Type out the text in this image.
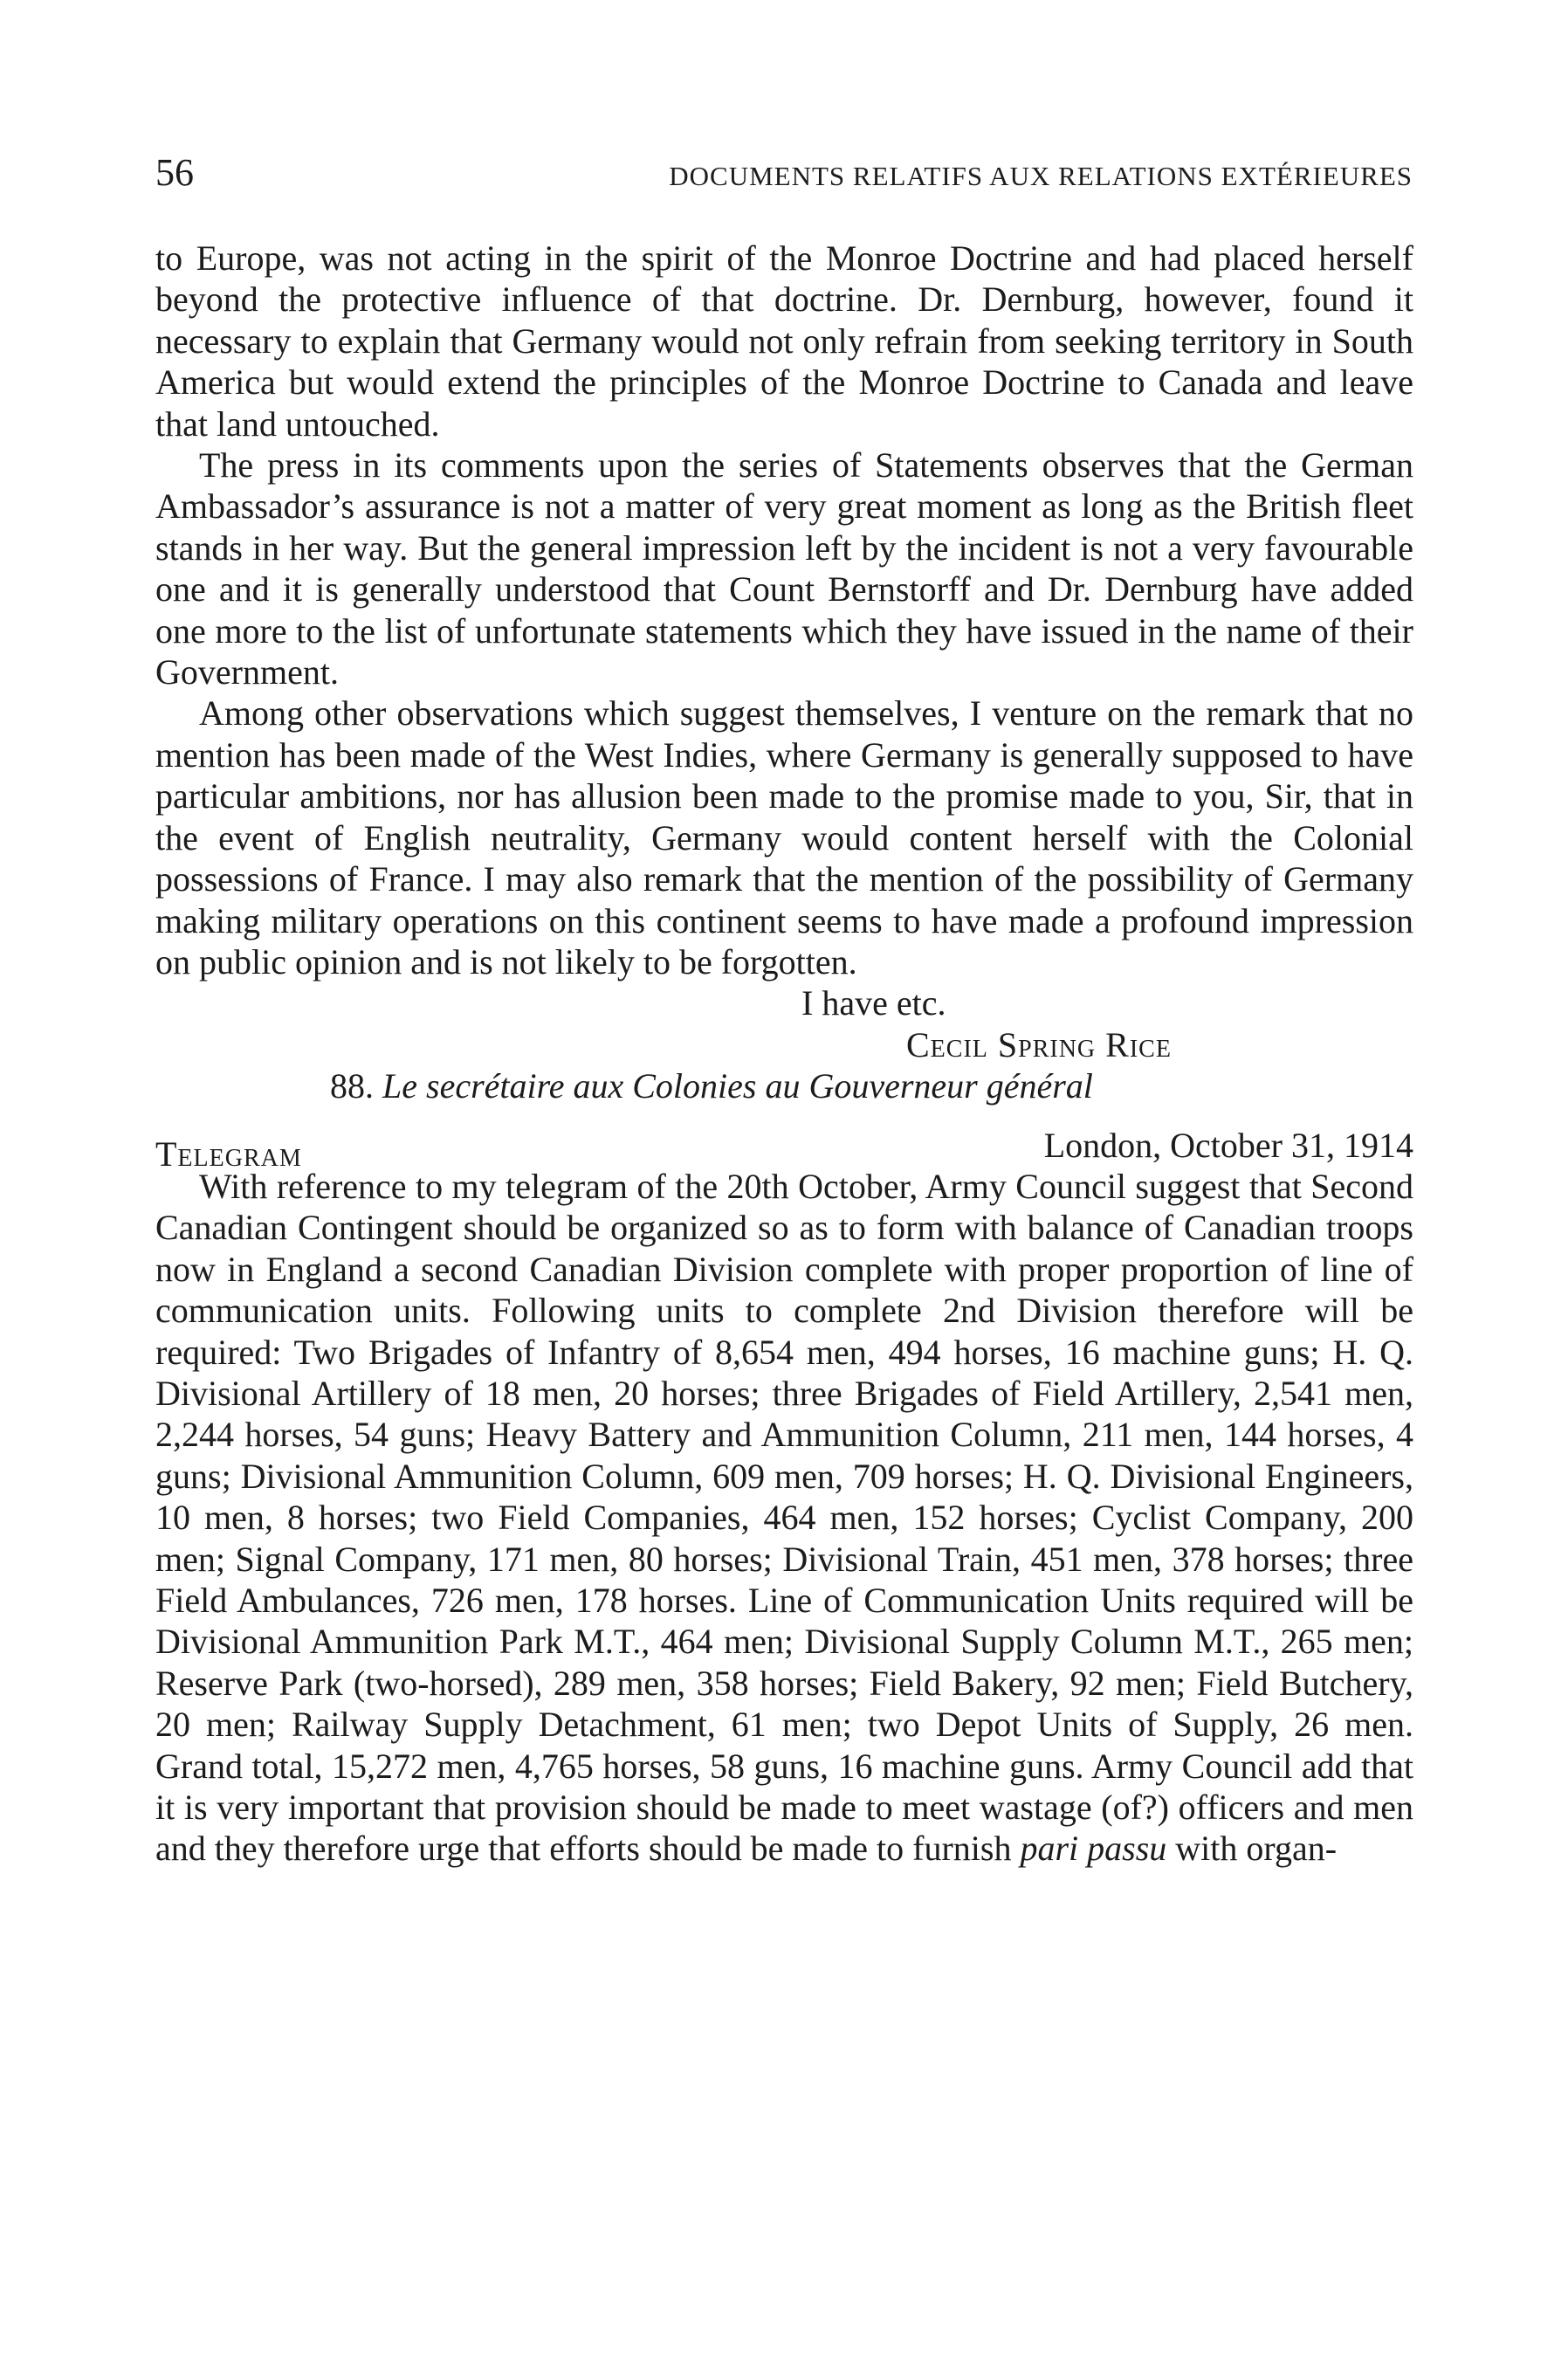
56	DOCUMENTS RELATIFS AUX RELATIONS EXTÉRIEURES

to Europe, was not acting in the spirit of the Monroe Doctrine and had placed herself beyond the protective influence of that doctrine. Dr. Dernburg, however, found it necessary to explain that Germany would not only refrain from seeking territory in South America but would extend the principles of the Monroe Doctrine to Canada and leave that land untouched.

The press in its comments upon the series of Statements observes that the German Ambassador’s assurance is not a matter of very great moment as long as the British fleet stands in her way. But the general impression left by the incident is not a very favourable one and it is generally understood that Count Bernstorff and Dr. Dernburg have added one more to the list of unfortunate statements which they have issued in the name of their Government.

Among other observations which suggest themselves, I venture on the remark that no mention has been made of the West Indies, where Germany is generally supposed to have particular ambitions, nor has allusion been made to the promise made to you, Sir, that in the event of English neutrality, Germany would content herself with the Colonial possessions of France. I may also remark that the mention of the possibility of Germany making military operations on this continent seems to have made a profound impression on public opinion and is not likely to be forgotten.

I have etc.

Cecil Spring Rice

88. Le secrétaire aux Colonies au Gouverneur général

Telegram	London, October 31, 1914

With reference to my telegram of the 20th October, Army Council suggest that Second Canadian Contingent should be organized so as to form with balance of Canadian troops now in England a second Canadian Division complete with proper proportion of line of communication units. Following units to complete 2nd Division therefore will be required: Two Brigades of Infantry of 8,654 men, 494 horses, 16 machine guns; H. Q. Divisional Artillery of 18 men, 20 horses; three Brigades of Field Artillery, 2,541 men, 2,244 horses, 54 guns; Heavy Battery and Ammunition Column, 211 men, 144 horses, 4 guns; Divisional Ammunition Column, 609 men, 709 horses; H. Q. Divisional Engineers, 10 men, 8 horses; two Field Companies, 464 men, 152 horses; Cyclist Company, 200 men; Signal Company, 171 men, 80 horses; Divisional Train, 451 men, 378 horses; three Field Ambulances, 726 men, 178 horses. Line of Communication Units required will be Divisional Ammunition Park M.T., 464 men; Divisional Supply Column M.T., 265 men; Reserve Park (two-horsed), 289 men, 358 horses; Field Bakery, 92 men; Field Butchery, 20 men; Railway Supply Detachment, 61 men; two Depot Units of Supply, 26 men. Grand total, 15,272 men, 4,765 horses, 58 guns, 16 machine guns. Army Council add that it is very important that provision should be made to meet wastage (of?) officers and men and they therefore urge that efforts should be made to furnish pari passu with organ-
